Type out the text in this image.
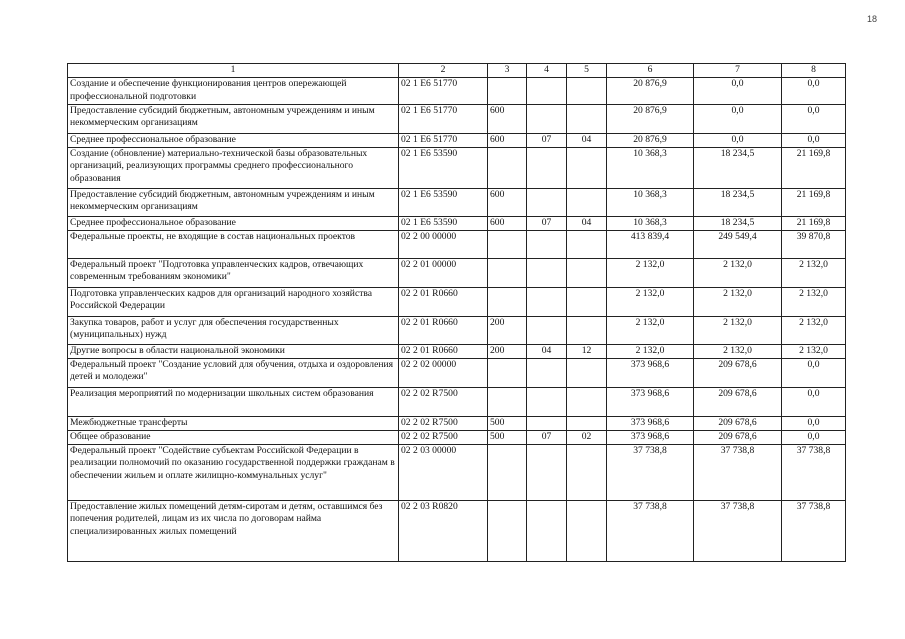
18
1	2	3	4	5	6	7	8
Создание и обеспечение функционирования центров опережающей профессиональной подготовки	02 1 Е6 51770				20 876,9	0,0	0,0
Предоставление субсидий бюджетным, автономным учреждениям и иным некоммерческим организациям	02 1 Е6 51770	600			20 876,9	0,0	0,0
Среднее профессиональное образование	02 1 Е6 51770	600	07	04	20 876,9	0,0	0,0
Создание (обновление) материально-технической базы образовательных организаций, реализующих программы среднего профессионального образования	02 1 Е6 53590				10 368,3	18 234,5	21 169,8
Предоставление субсидий бюджетным, автономным учреждениям и иным некоммерческим организациям	02 1 Е6 53590	600			10 368,3	18 234,5	21 169,8
Среднее профессиональное образование	02 1 Е6 53590	600	07	04	10 368,3	18 234,5	21 169,8
Федеральные проекты, не входящие в состав национальных проектов	02 2 00 00000				413 839,4	249 549,4	39 870,8
Федеральный проект "Подготовка управленческих кадров, отвечающих современным требованиям экономики"	02 2 01 00000				2 132,0	2 132,0	2 132,0
Подготовка управленческих кадров для организаций народного хозяйства Российской Федерации	02 2 01 R0660				2 132,0	2 132,0	2 132,0
Закупка товаров, работ и услуг для обеспечения государственных (муниципальных) нужд	02 2 01 R0660	200			2 132,0	2 132,0	2 132,0
Другие вопросы в области национальной экономики	02 2 01 R0660	200	04	12	2 132,0	2 132,0	2 132,0
Федеральный проект "Создание условий для обучения, отдыха и оздоровления детей и молодежи"	02 2 02 00000				373 968,6	209 678,6	0,0
Реализация мероприятий по модернизации школьных систем образования	02 2 02 R7500				373 968,6	209 678,6	0,0
Межбюджетные трансферты	02 2 02 R7500	500			373 968,6	209 678,6	0,0
Общее образование	02 2 02 R7500	500	07	02	373 968,6	209 678,6	0,0
Федеральный проект "Содействие субъектам Российской Федерации в реализации полномочий по оказанию государственной поддержки гражданам в обеспечении жильем и оплате жилищно-коммунальных услуг"	02 2 03 00000				37 738,8	37 738,8	37 738,8
Предоставление жилых помещений детям-сиротам и детям, оставшимся без попечения родителей, лицам из их числа по договорам найма специализированных жилых помещений	02 2 03 R0820				37 738,8	37 738,8	37 738,8
